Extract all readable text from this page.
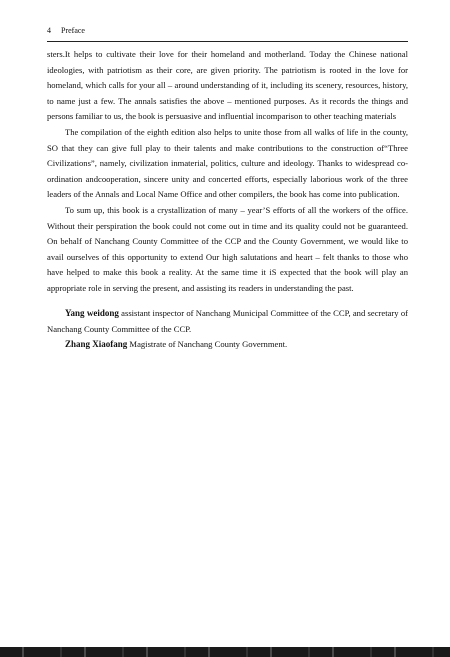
4 Preface

sters.It helps to cultivate their love for their homeland and motherland. Today the Chinese national ideologies, with patriotism as their core, are given priority. The patriotism is rooted in the love for homeland, which calls for your all – around understanding of it, including its scenery, resources, history, to name just a few. The annals satisfies the above – mentioned purposes. As it records the things and persons familiar to us, the book is persuasive and influential incomparison to other teaching materials

The compilation of the eighth edition also helps to unite those from all walks of life in the county, SO that they can give full play to their talents and make contributions to the construction of“Three Civilizations”, namely, civilization inmaterial, politics, culture and ideology. Thanks to widespread co-ordination andcooperation, sincere unity and concerted efforts, especially laborious work of the three leaders of the Annals and Local Name Office and other compilers, the book has come into publication.

To sum up, this book is a crystallization of many – year’S efforts of all the workers of the office. Without their perspiration the book could not come out in time and its quality could not be guaranteed. On behalf of Nanchang County Committee of the CCP and the County Government, we would like to avail ourselves of this opportunity to extend Our high salutations and heart – felt thanks to those who have helped to make this book a reality. At the same time it iS expected that the book will play an appropriate role in serving the present, and assisting its readers in understanding the past.

Yang weidong assistant inspector of Nanchang Municipal Committee of the CCP, and secretary of Nanchang County Committee of the CCP.

Zhang Xiaofang Magistrate of Nanchang County Government.
